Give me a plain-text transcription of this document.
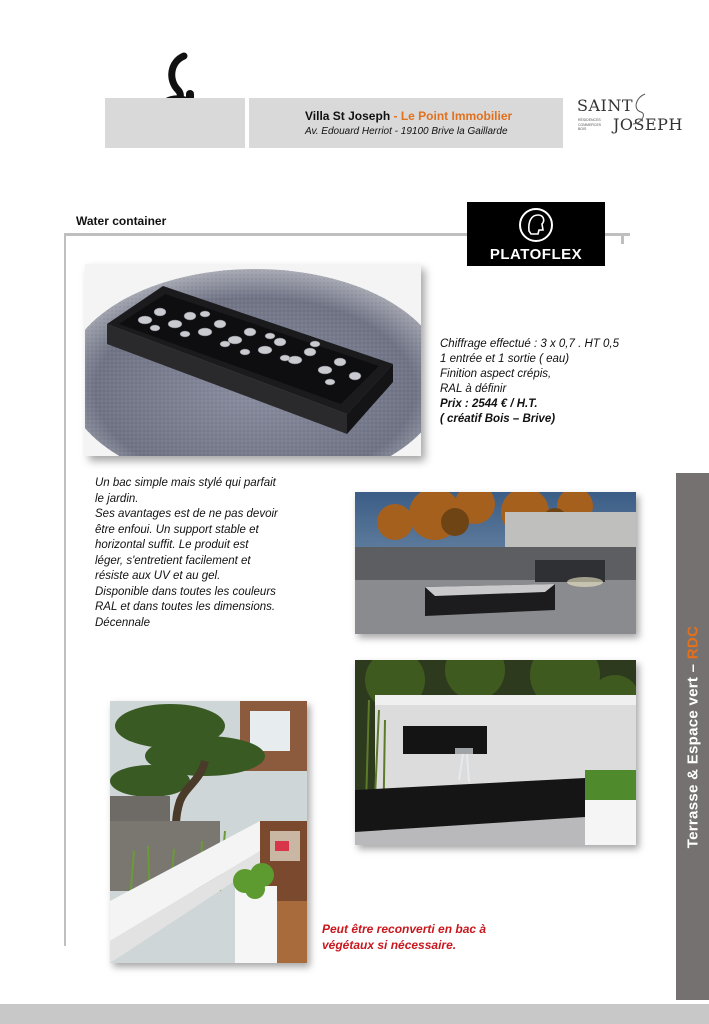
Villa St Joseph - Le Point Immobilier
Av. Edouard Herriot - 19100 Brive la Gaillarde
SAINT
JOSEPH
RÉSIDENCES COMMERCES BOIS
Water container
PLATOFLEX
Chiffrage effectué : 3 x 0,7 . HT 0,5
1 entrée et 1 sortie ( eau)
Finition aspect crépis,
RAL à définir
Prix : 2544 € / H.T.
( créatif Bois – Brive)
Un bac simple mais stylé qui parfait
le jardin.
Ses avantages est de ne pas devoir
être enfoui. Un support stable et
horizontal suffit. Le produit est
léger, s'entretient facilement et
résiste aux UV et au gel.
Disponible dans toutes les couleurs
RAL et dans toutes les dimensions.
Décennale
Peut être reconverti en bac à
végétaux si nécessaire.
Terrasse & Espace vert – RDC
